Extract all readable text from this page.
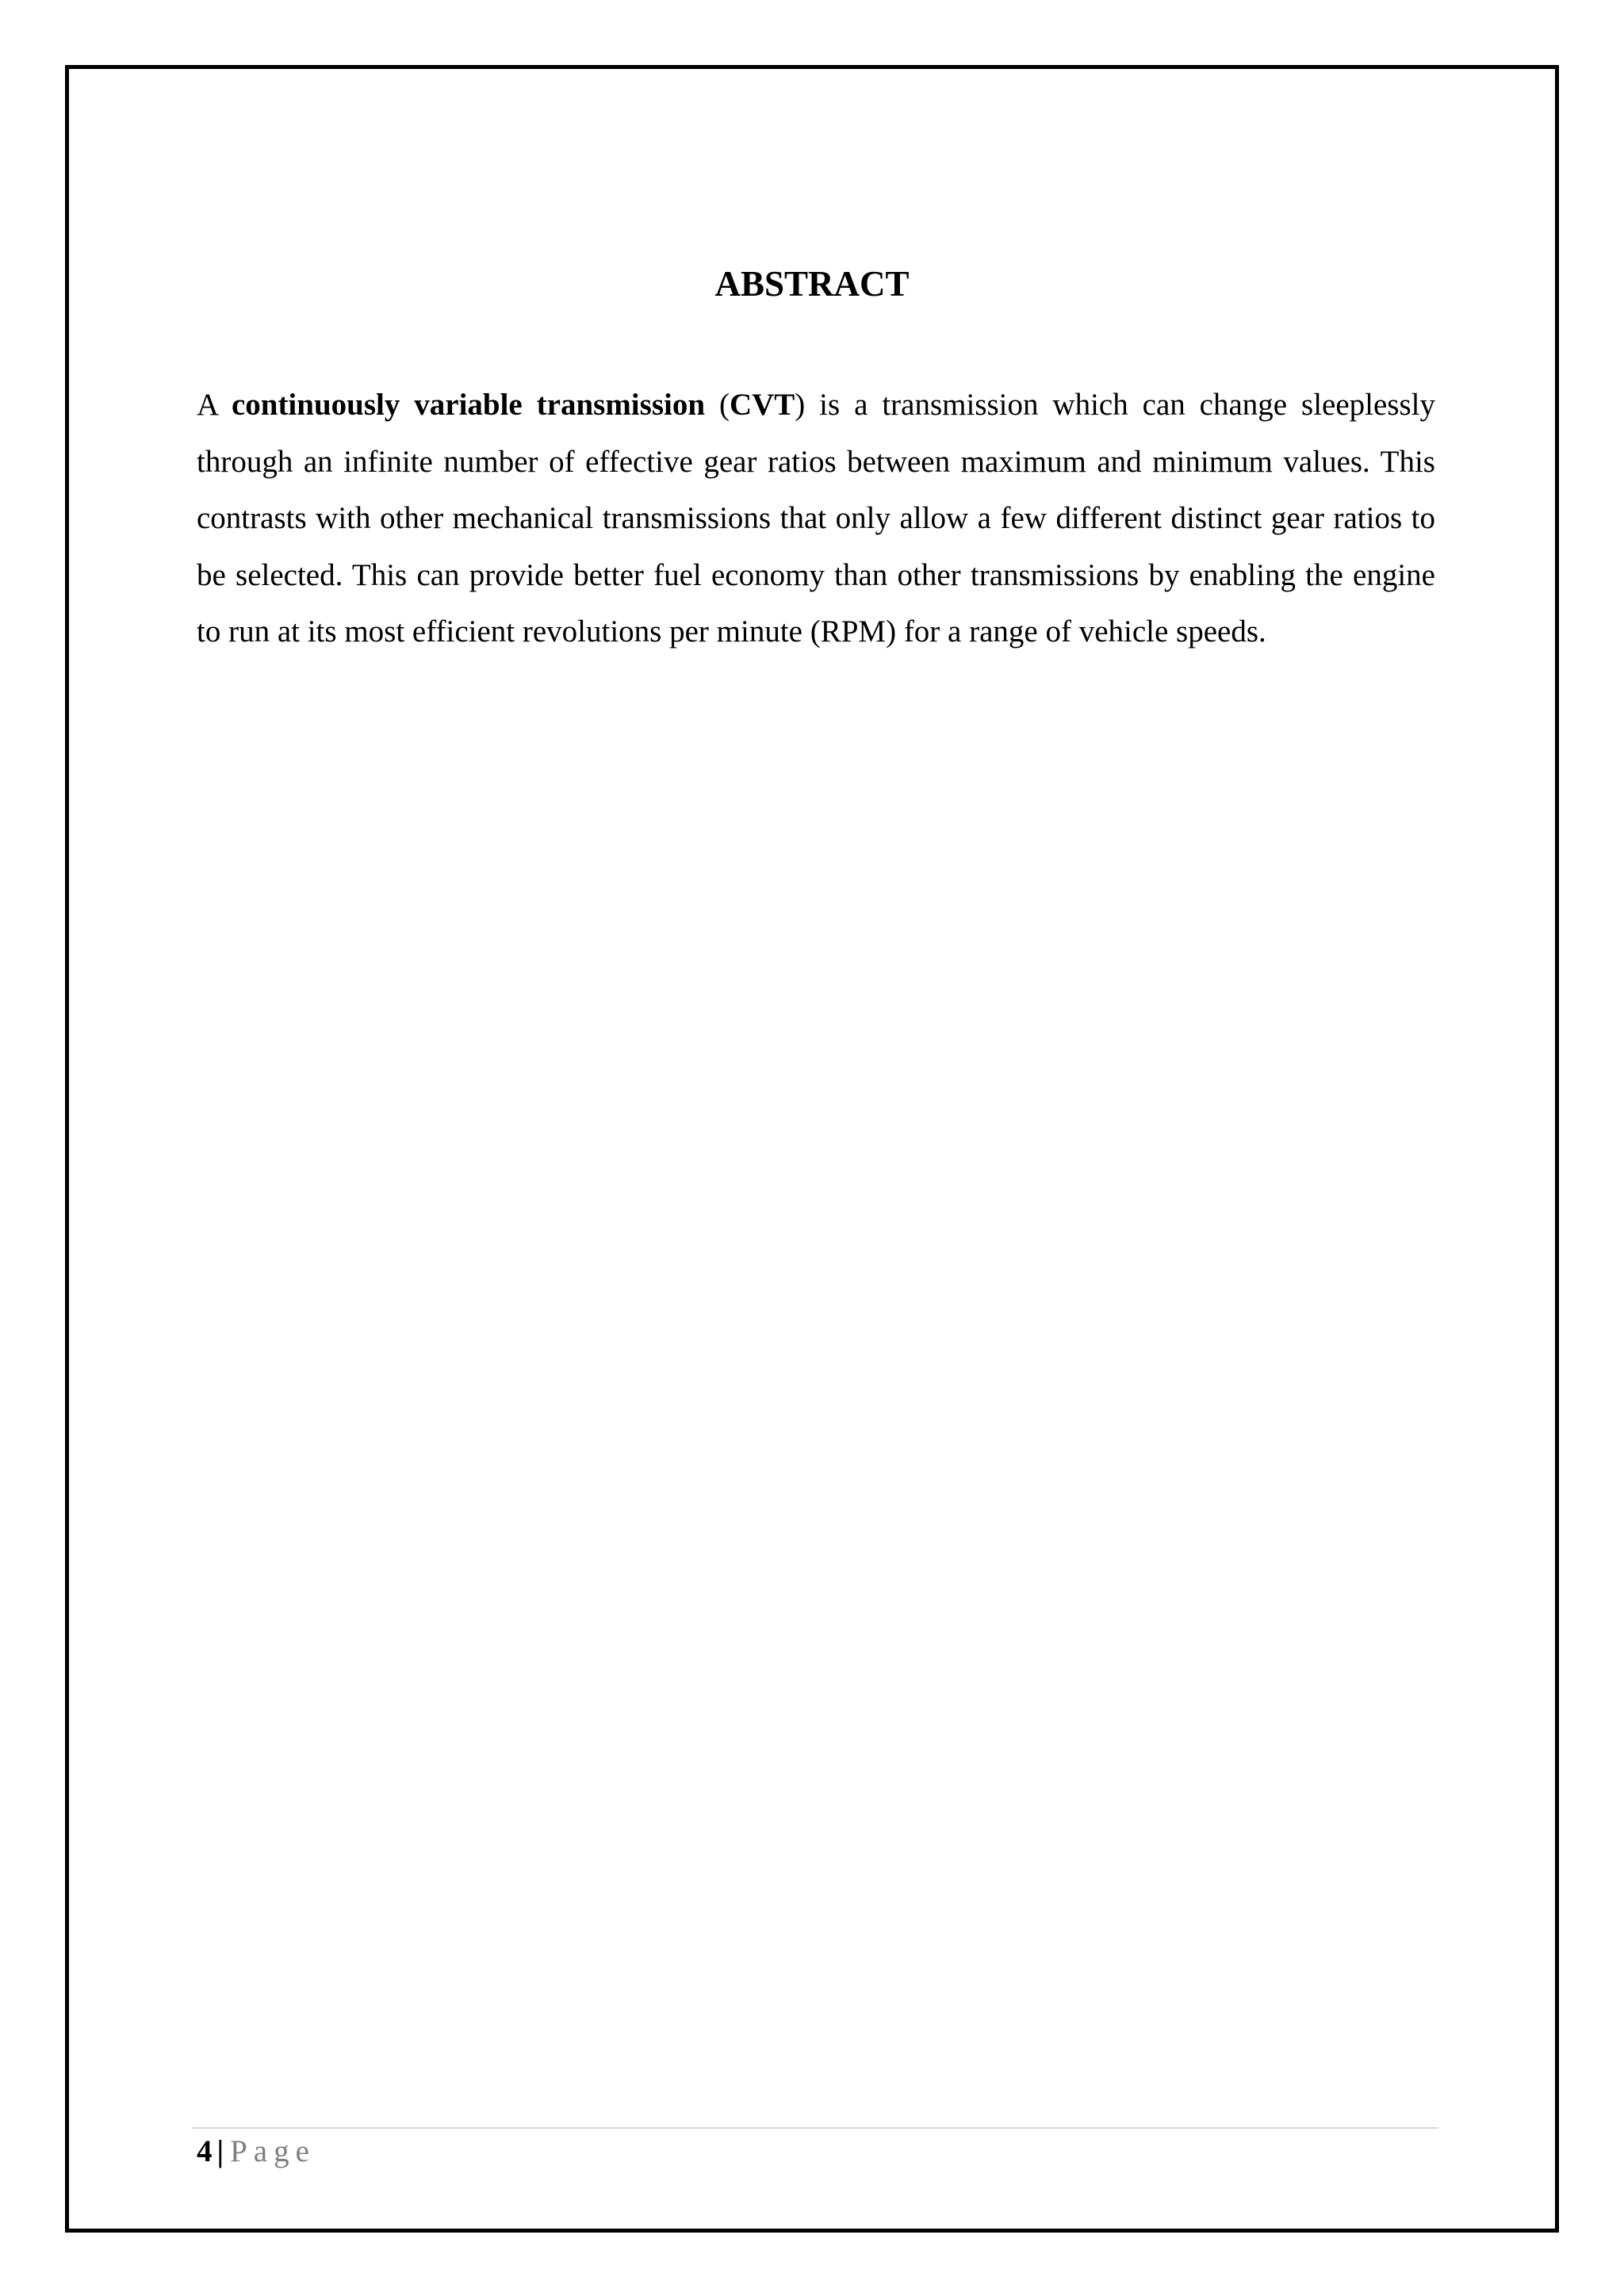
ABSTRACT

A continuously variable transmission (CVT) is a transmission which can change sleeplessly through an infinite number of effective gear ratios between maximum and minimum values. This contrasts with other mechanical transmissions that only allow a few different distinct gear ratios to be selected. This can provide better fuel economy than other transmissions by enabling the engine to run at its most efficient revolutions per minute (RPM) for a range of vehicle speeds.

4 | Page
